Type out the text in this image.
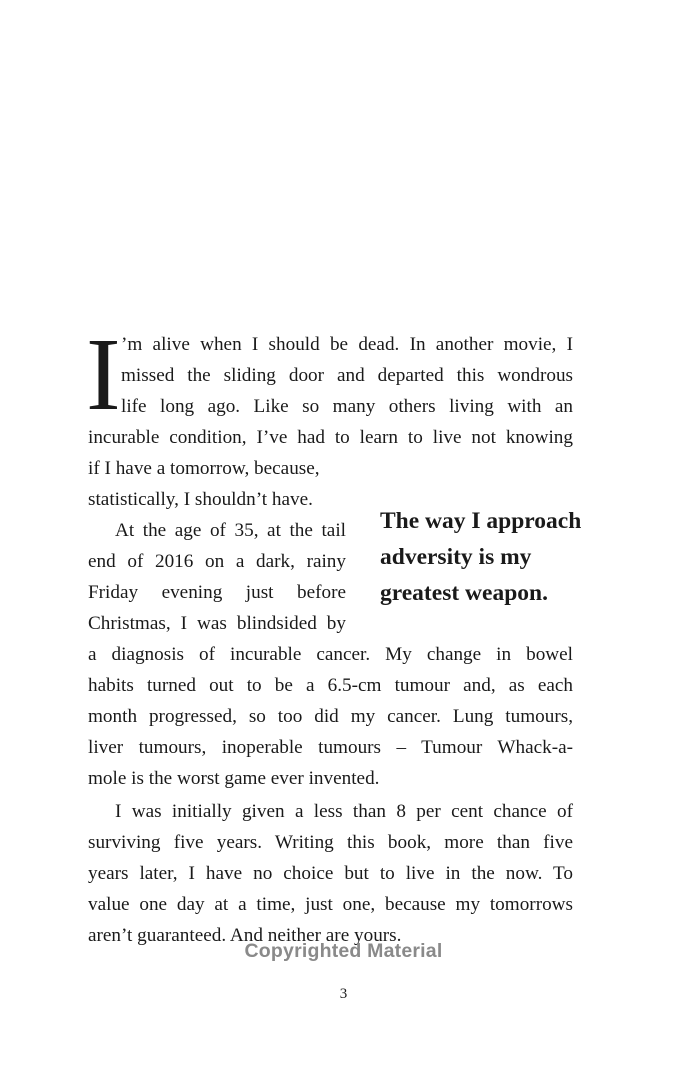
I ’m alive when I should be dead. In another movie, I
missed the sliding door and departed this wondrous
life long ago. Like so many others living with an
incurable condition, I’ve had to learn to live not knowing
if I have a tomorrow, because,
statistically, I shouldn’t have.
At the age of 35, at the tail
end of 2016 on a dark, rainy
Friday evening just before
Christmas, I was blindsided by
a diagnosis of incurable cancer. My change in bowel
habits turned out to be a 6.5-cm tumour and, as each
month progressed, so too did my cancer. Lung tumours,
liver tumours, inoperable tumours – Tumour Whack-a-
mole is the worst game ever invented.
I was initially given a less than 8 per cent chance of
surviving five years. Writing this book, more than five
years later, I have no choice but to live in the now. To
value one day at a time, just one, because my tomorrows
aren’t guaranteed. And neither are yours.
The way I approach
adversity is my
greatest weapon.
Copyrighted Material
3
